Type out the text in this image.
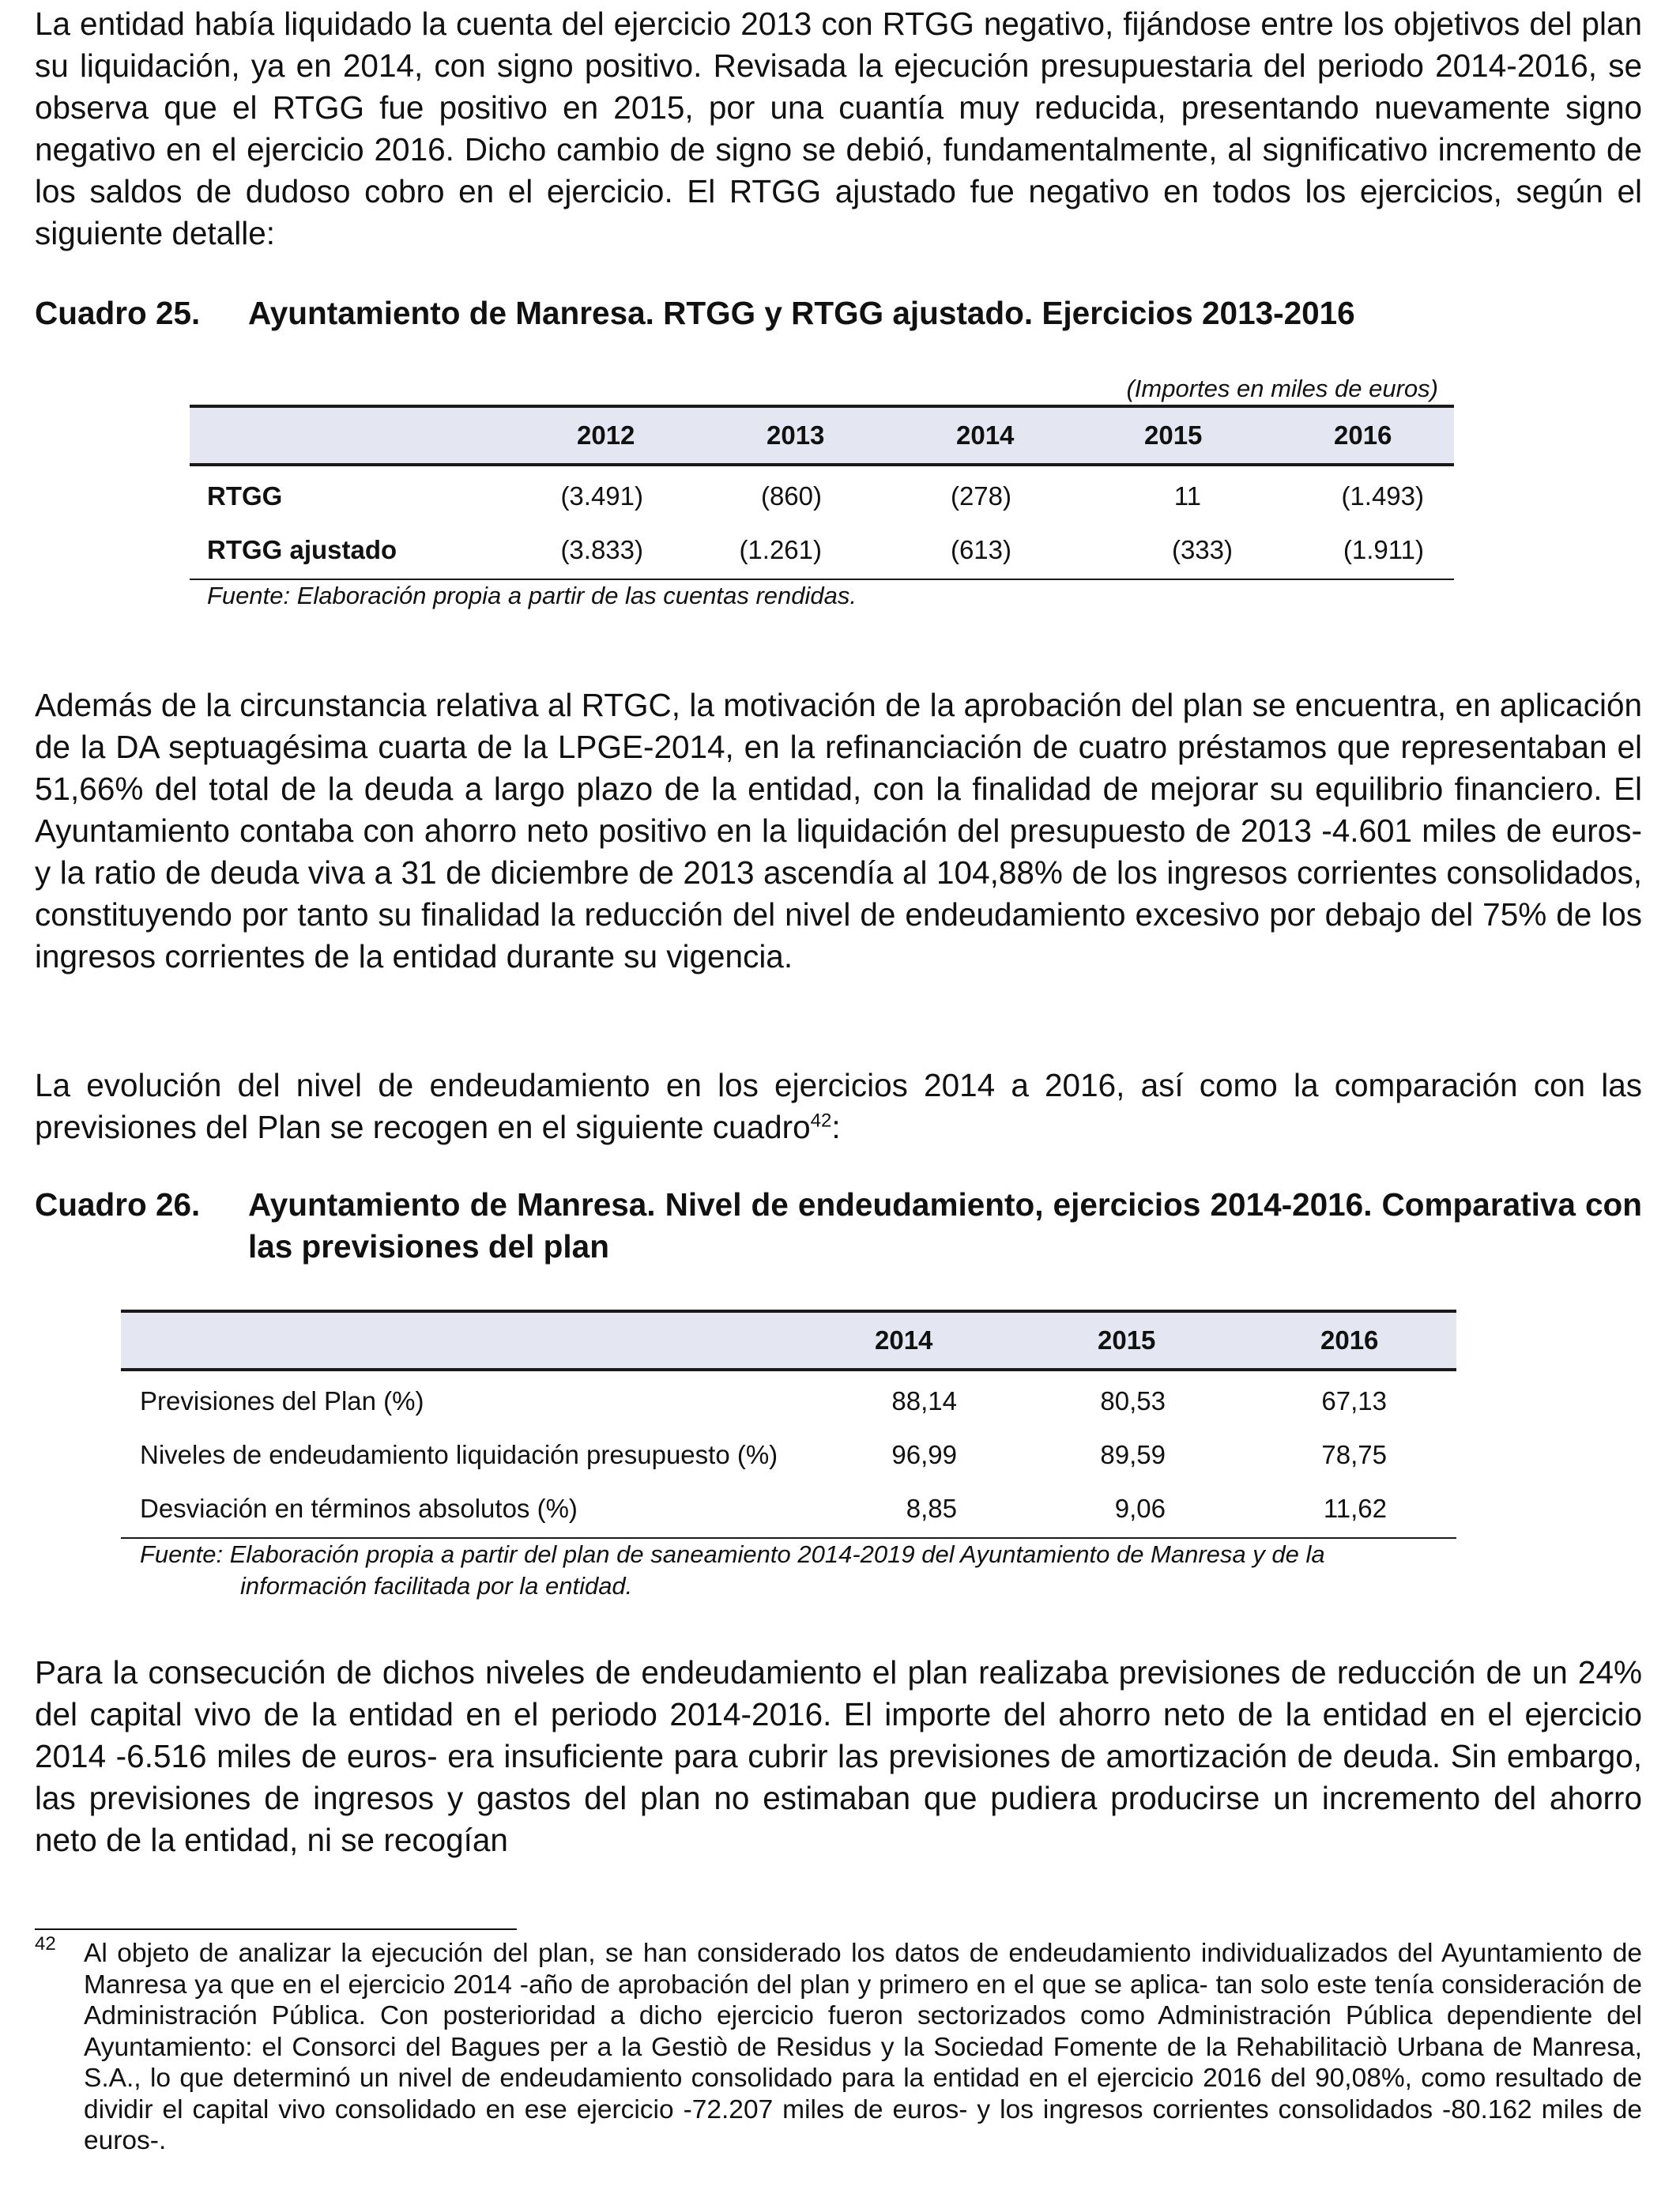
La entidad había liquidado la cuenta del ejercicio 2013 con RTGG negativo, fijándose entre los objetivos del plan su liquidación, ya en 2014, con signo positivo. Revisada la ejecución presupuestaria del periodo 2014-2016, se observa que el RTGG fue positivo en 2015, por una cuantía muy reducida, presentando nuevamente signo negativo en el ejercicio 2016. Dicho cambio de signo se debió, fundamentalmente, al significativo incremento de los saldos de dudoso cobro en el ejercicio. El RTGG ajustado fue negativo en todos los ejercicios, según el siguiente detalle:

Cuadro 25. Ayuntamiento de Manresa. RTGG y RTGG ajustado. Ejercicios 2013-2016

Además de la circunstancia relativa al RTGC, la motivación de la aprobación del plan se encuentra, en aplicación de la DA septuagésima cuarta de la LPGE-2014, en la refinanciación de cuatro préstamos que representaban el 51,66% del total de la deuda a largo plazo de la entidad, con la finalidad de mejorar su equilibrio financiero. El Ayuntamiento contaba con ahorro neto positivo en la liquidación del presupuesto de 2013 -4.601 miles de euros- y la ratio de deuda viva a 31 de diciembre de 2013 ascendía al 104,88% de los ingresos corrientes consolidados, constituyendo por tanto su finalidad la reducción del nivel de endeudamiento excesivo por debajo del 75% de los ingresos corrientes de la entidad durante su vigencia.

La evolución del nivel de endeudamiento en los ejercicios 2014 a 2016, así como la comparación con las previsiones del Plan se recogen en el siguiente cuadro$^{42}$:

Cuadro 26. Ayuntamiento de Manresa. Nivel de endeudamiento, ejercicios 2014-2016. Comparativa con las previsiones del plan

Para la consecución de dichos niveles de endeudamiento el plan realizaba previsiones de reducción de un 24% del capital vivo de la entidad en el periodo 2014-2016. El importe del ahorro neto de la entidad en el ejercicio 2014 -6.516 miles de euros- era insuficiente para cubrir las previsiones de amortización de deuda. Sin embargo, las previsiones de ingresos y gastos del plan no estimaban que pudiera producirse un incremento del ahorro neto de la entidad, ni se recogían

(Importes en miles de euros)
2012	2013	2014	2015	2016
RTGG	(3.491)	(860)	(278)	11	(1.493)
RTGG ajustado	(3.833)	(1.261)	(613)	(333)	(1.911)
Fuente: Elaboración propia a partir de las cuentas rendidas.
2014	2015	2016
Previsiones del Plan (%)	88,14	80,53	67,13
Niveles de endeudamiento liquidación presupuesto (%)	96,99	89,59	78,75
Desviación en términos absolutos (%)	8,85	9,06	11,62
Fuente: Elaboración propia a partir del plan de saneamiento 2014-2019 del Ayuntamiento de Manresa y de la
información facilitada por la entidad.
42 Al objeto de analizar la ejecución del plan, se han considerado los datos de endeudamiento individualizados del Ayuntamiento de Manresa ya que en el ejercicio 2014 -año de aprobación del plan y primero en el que se aplica- tan solo este tenía consideración de Administración Pública. Con posterioridad a dicho ejercicio fueron sectorizados como Administración Pública dependiente del Ayuntamiento: el Consorci del Bagues per a la Gestiò de Residus y la Sociedad Fomente de la Rehabilitaciò Urbana de Manresa, S.A., lo que determinó un nivel de endeudamiento consolidado para la entidad en el ejercicio 2016 del 90,08%, como resultado de dividir el capital vivo consolidado en ese ejercicio -72.207 miles de euros- y los ingresos corrientes consolidados -80.162 miles de euros-.
